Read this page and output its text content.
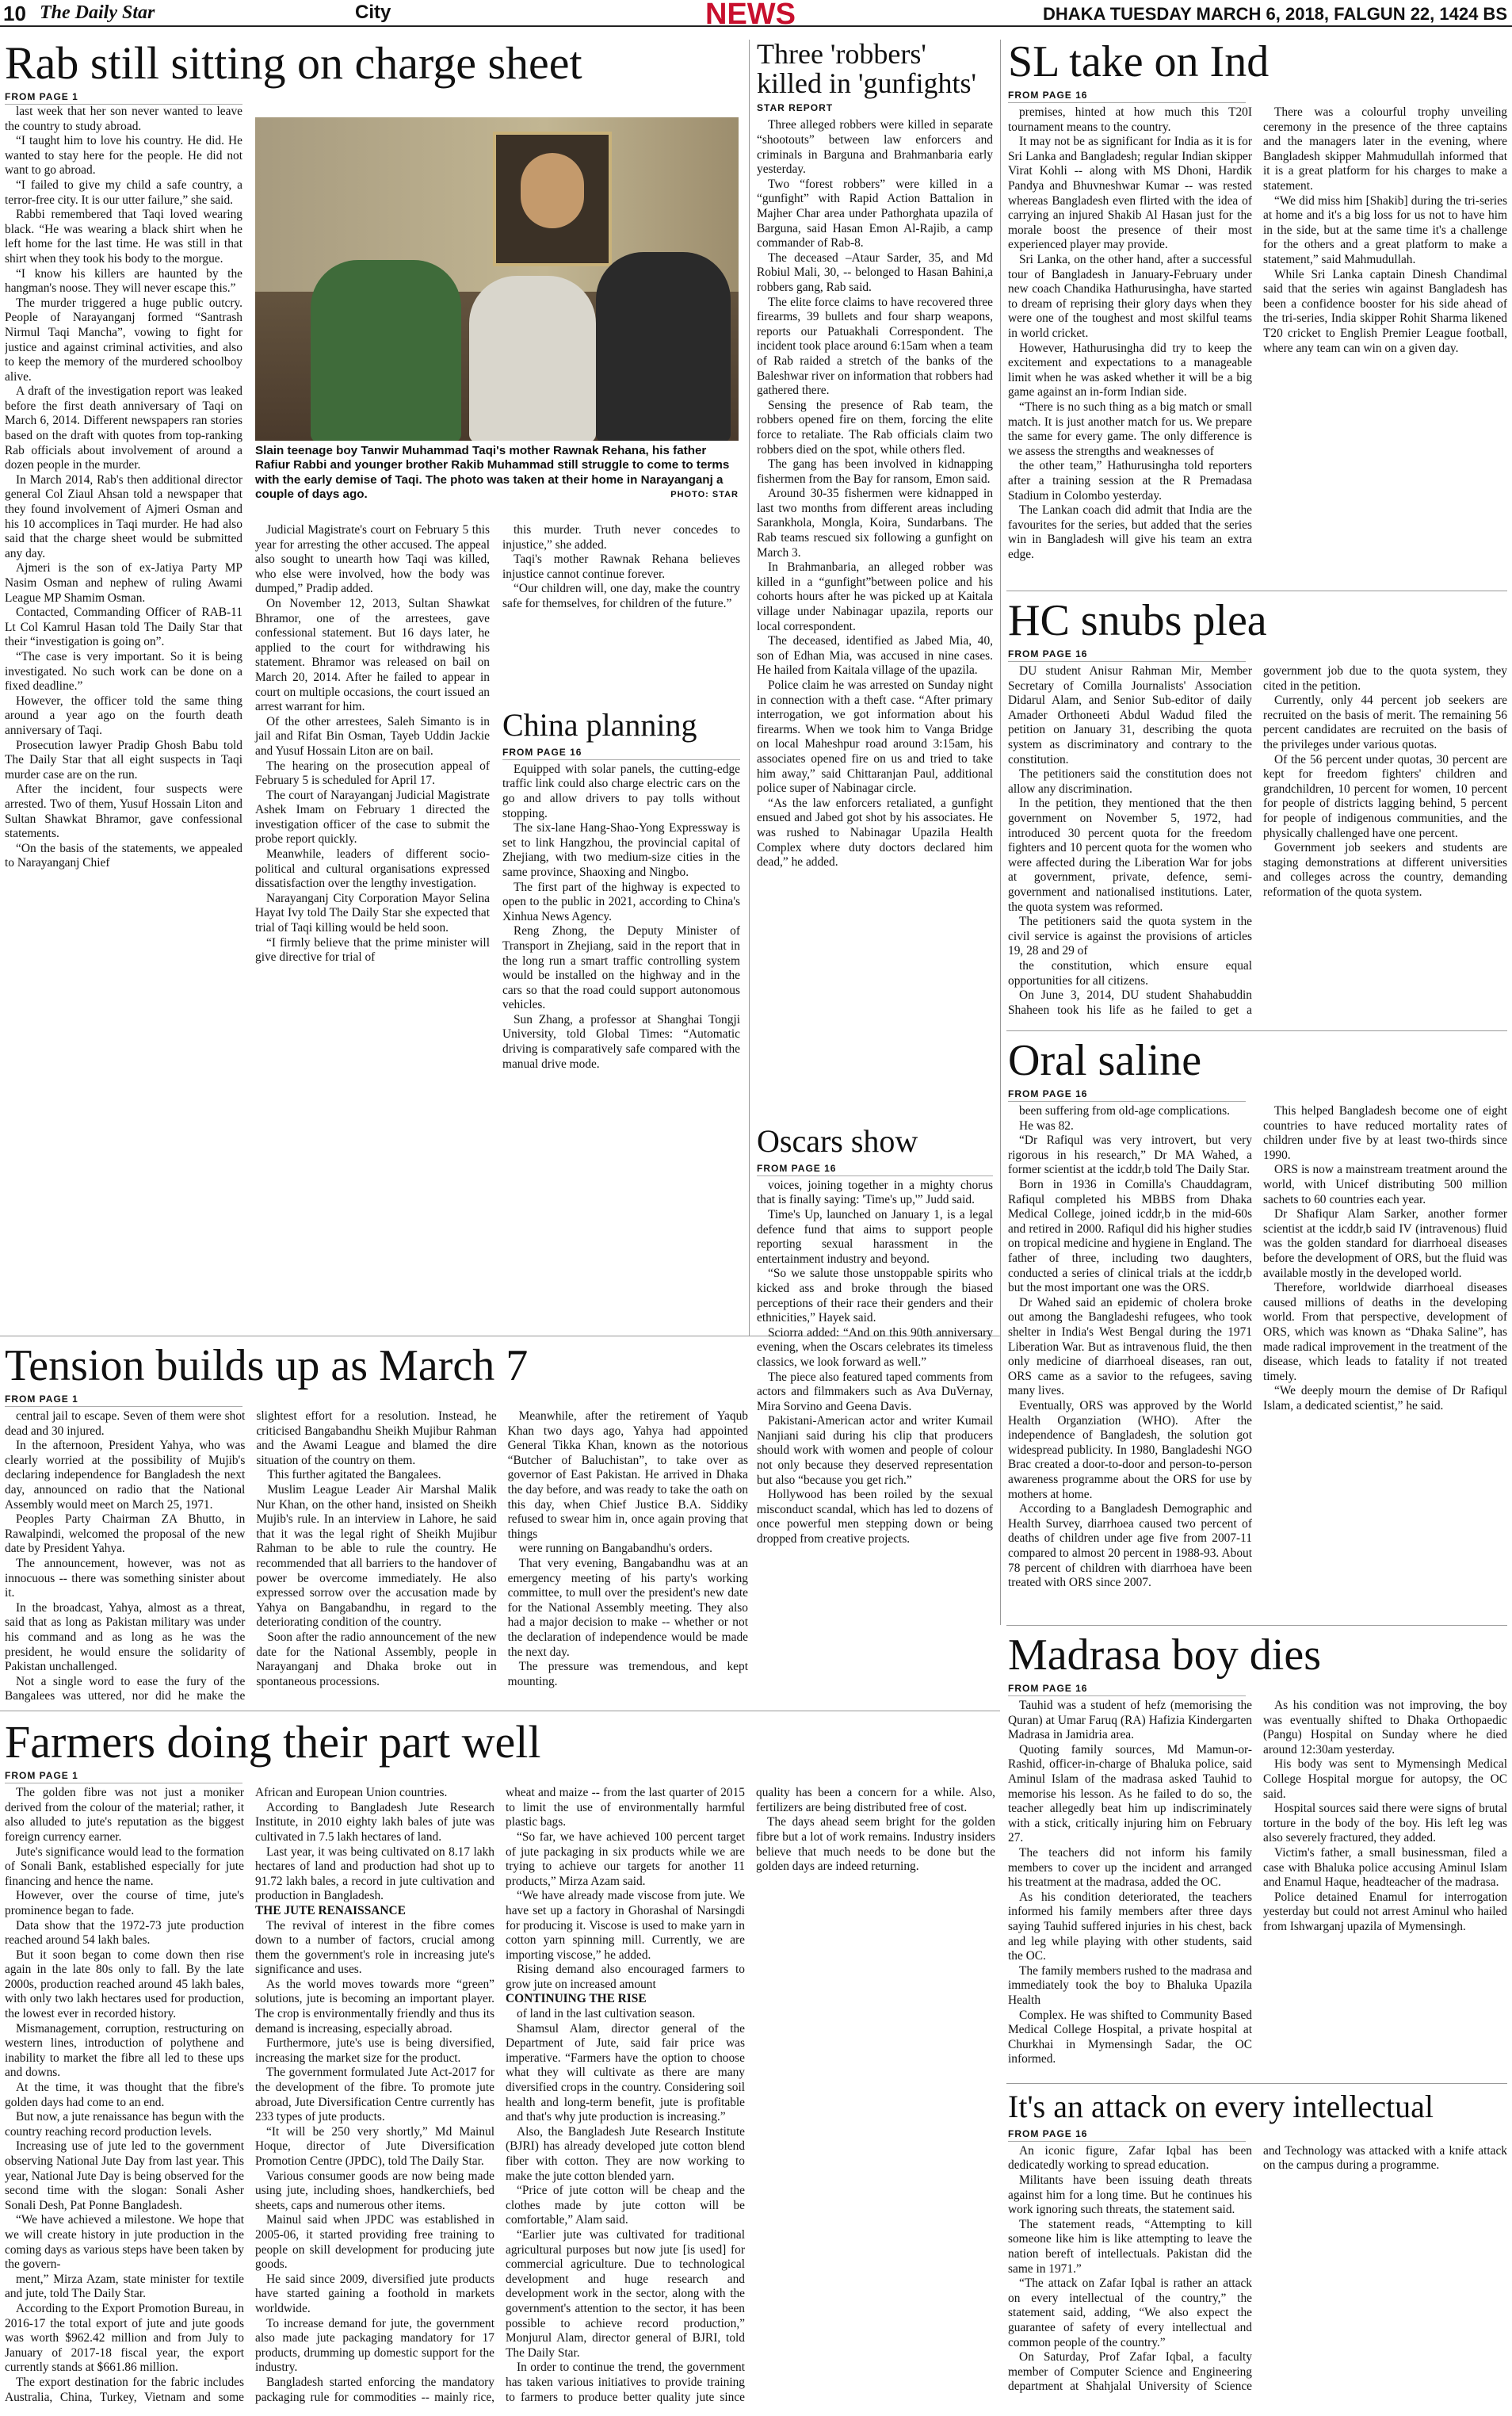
10 The Daily Star	City	NEWS	DHAKA TUESDAY MARCH 6, 2018, FALGUN 22, 1424 BS
Rab still sitting on charge sheet
FROM PAGE 1

last week that her son never wanted to leave the country to study abroad.

“I taught him to love his country. He did. He wanted to stay here for the people. He did not want to go abroad.

“I failed to give my child a safe country, a terror-free city. It is our utter failure,” she said.

Rabbi remembered that Taqi loved wearing black. “He was wearing a black shirt when he left home for the last time. He was still in that shirt when they took his body to the morgue.

“I know his killers are haunted by the hangman's noose. They will never escape this.”

The murder triggered a huge public outcry. People of Narayanganj formed “Santrash Nirmul Taqi Mancha”, vowing to fight for justice and against criminal activities, and also to keep the memory of the murdered schoolboy alive.

A draft of the investigation report was leaked before the first death anniversary of Taqi on March 6, 2014. Different newspapers ran stories based on the draft with quotes from top-ranking Rab officials about involvement of around a dozen people in the murder.

In March 2014, Rab's then additional director general Col Ziaul Ahsan told a newspaper that they found involvement of Ajmeri Osman and his 10 accomplices in Taqi murder. He had also said that the charge sheet would be submitted any day.

Ajmeri is the son of ex-Jatiya Party MP Nasim Osman and nephew of ruling Awami League MP Shamim Osman.

Contacted, Commanding Officer of RAB-11 Lt Col Kamrul Hasan told The Daily Star that their “investigation is going on”.

“The case is very important. So it is being investigated. No such work can be done on a fixed deadline.”

However, the officer told the same thing around a year ago on the fourth death anniversary of Taqi.

Prosecution lawyer Pradip Ghosh Babu told The Daily Star that all eight suspects in Taqi murder case are on the run.

After the incident, four suspects were arrested. Two of them, Yusuf Hossain Liton and Sultan Shawkat Bhramor, gave confessional statements.

“On the basis of the statements, we appealed to Narayanganj Chief

Judicial Magistrate's court on February 5 this year for arresting the other accused. The appeal also sought to unearth how Taqi was killed, who else were involved, how the body was dumped,” Pradip added.

On November 12, 2013, Sultan Shawkat Bhramor, one of the arrestees, gave confessional statement. But 16 days later, he applied to the court for withdrawing his statement. Bhramor was released on bail on March 20, 2014. After he failed to appear in court on multiple occasions, the court issued an arrest warrant for him.

Of the other arrestees, Saleh Simanto is in jail and Rifat Bin Osman, Tayeb Uddin Jackie and Yusuf Hossain Liton are on bail.

The hearing on the prosecution appeal of February 5 is scheduled for April 17.

The court of Narayanganj Judicial Magistrate Ashek Imam on February 1 directed the investigation officer of the case to submit the probe report quickly.

Meanwhile, leaders of different socio-political and cultural organisations expressed dissatisfaction over the lengthy investigation.

Narayanganj City Corporation Mayor Selina Hayat Ivy told The Daily Star she expected that trial of Taqi killing would be held soon.

“I firmly believe that the prime minister will give directive for trial of

this murder. Truth never concedes to injustice,” she added.

Taqi's mother Rawnak Rehana believes injustice cannot continue forever.

“Our children will, one day, make the country safe for themselves, for children of the future.”

Slain teenage boy Tanwir Muhammad Taqi's mother Rawnak Rehana, his father Rafiur Rabbi and younger brother Rakib Muhammad still struggle to come to terms with the early demise of Taqi. The photo was taken at their home in Narayanganj a couple of days ago.	PHOTO: STAR
China planning
FROM PAGE 16

Equipped with solar panels, the cutting-edge traffic link could also charge electric cars on the go and allow drivers to pay tolls without stopping.

The six-lane Hang-Shao-Yong Expressway is set to link Hangzhou, the provincial capital of Zhejiang, with two medium-size cities in the same province, Shaoxing and Ningbo.

The first part of the highway is expected to open to the public in 2021, according to China's Xinhua News Agency.

Reng Zhong, the Deputy Minister of Transport in Zhejiang, said in the report that in the long run a smart traffic controlling system would be installed on the highway and in the cars so that the road could support autonomous vehicles.

Sun Zhang, a professor at Shanghai Tongji University, told Global Times: “Automatic driving is comparatively safe compared with the manual drive mode.

Three 'robbers' killed in 'gunfights'
STAR REPORT

Three alleged robbers were killed in separate “shootouts” between law enforcers and criminals in Barguna and Brahmanbaria early yesterday.

Two “forest robbers” were killed in a “gunfight” with Rapid Action Battalion in Majher Char area under Pathorghata upazila of Barguna, said Hasan Emon Al-Rajib, a camp commander of Rab-8.

The deceased –Ataur Sarder, 35, and Md Robiul Mali, 30, -- belonged to Hasan Bahini,a robbers gang, Rab said.

The elite force claims to have recovered three firearms, 39 bullets and four sharp weapons, reports our Patuakhali Correspondent. The incident took place around 6:15am when a team of Rab raided a stretch of the banks of the Baleshwar river on information that robbers had gathered there.

Sensing the presence of Rab team, the robbers opened fire on them, forcing the elite force to retaliate. The Rab officials claim two robbers died on the spot, while others fled.

The gang has been involved in kidnapping fishermen from the Bay for ransom, Emon said.

Around 30-35 fishermen were kidnapped in last two months from different areas including Sarankhola, Mongla, Koira, Sundarbans. The Rab teams rescued six following a gunfight on March 3.

In Brahmanbaria, an alleged robber was killed in a “gunfight”between police and his cohorts hours after he was picked up at Kaitala village under Nabinagar upazila, reports our local correspondent.

The deceased, identified as Jabed Mia, 40, son of Edhan Mia, was accused in nine cases. He hailed from Kaitala village of the upazila.

Police claim he was arrested on Sunday night in connection with a theft case. “After primary interrogation, we got information about his firearms. When we took him to Vanga Bridge on local Maheshpur road around 3:15am, his associates opened fire on us and tried to take him away,” said Chittaranjan Paul, additional police super of Nabinagar circle.

“As the law enforcers retaliated, a gunfight ensued and Jabed got shot by his associates. He was rushed to Nabinagar Upazila Health Complex where duty doctors declared him dead,” he added.

Oscars show
FROM PAGE 16

voices, joining together in a mighty chorus that is finally saying: 'Time's up,'” Judd said.

Time's Up, launched on January 1, is a legal defence fund that aims to support people reporting sexual harassment in the entertainment industry and beyond.

“So we salute those unstoppable spirits who kicked ass and broke through the biased perceptions of their race their genders and their ethnicities,” Hayek said.

Sciorra added: “And on this 90th anniversary evening, when the Oscars celebrates its timeless classics, we look forward as well.”

The piece also featured taped comments from actors and filmmakers such as Ava DuVernay, Mira Sorvino and Geena Davis.

Pakistani-American actor and writer Kumail Nanjiani said during his clip that producers should work with women and people of colour not only because they deserved representation but also “because you get rich.”

Hollywood has been roiled by the sexual misconduct scandal, which has led to dozens of once powerful men stepping down or being dropped from creative projects.

SL take on Ind
FROM PAGE 16

premises, hinted at how much this T20I tournament means to the country.

It may not be as significant for India as it is for Sri Lanka and Bangladesh; regular Indian skipper Virat Kohli -- along with MS Dhoni, Hardik Pandya and Bhuvneshwar Kumar -- was rested whereas Bangladesh even flirted with the idea of carrying an injured Shakib Al Hasan just for the morale boost the presence of their most experienced player may provide.

Sri Lanka, on the other hand, after a successful tour of Bangladesh in January-February under new coach Chandika Hathurusingha, have started to dream of reprising their glory days when they were one of the toughest and most skilful teams in world cricket.

However, Hathurusingha did try to keep the excitement and expectations to a manageable limit when he was asked whether it will be a big game against an in-form Indian side.

“There is no such thing as a big match or small match. It is just another match for us. We prepare the same for every game. The only difference is we assess the strengths and weaknesses of

the other team,” Hathurusingha told reporters after a training session at the R Premadasa Stadium in Colombo yesterday.

The Lankan coach did admit that India are the favourites for the series, but added that the series win in Bangladesh will give his team an extra edge.

There was a colourful trophy unveiling ceremony in the presence of the three captains and the managers later in the evening, where Bangladesh skipper Mahmudullah informed that it is a great platform for his charges to make a statement.

“We did miss him [Shakib] during the tri-series at home and it's a big loss for us not to have him in the side, but at the same time it's a challenge for the others and a great platform to make a statement,” said Mahmudullah.

While Sri Lanka captain Dinesh Chandimal said that the series win against Bangladesh has been a confidence booster for his side ahead of the tri-series, India skipper Rohit Sharma likened T20 cricket to English Premier League football, where any team can win on a given day.

HC snubs plea
FROM PAGE 16

DU student Anisur Rahman Mir, Member Secretary of Comilla Journalists' Association Didarul Alam, and Senior Sub-editor of daily Amader Orthoneeti Abdul Wadud filed the petition on January 31, describing the quota system as discriminatory and contrary to the constitution.

The petitioners said the constitution does not allow any discrimination.

In the petition, they mentioned that the then government on November 5, 1972, had introduced 30 percent quota for the freedom fighters and 10 percent quota for the women who were affected during the Liberation War for jobs at government, private, defence, semi-government and nationalised institutions. Later, the quota system was reformed.

The petitioners said the quota system in the civil service is against the provisions of articles 19, 28 and 29 of

the constitution, which ensure equal opportunities for all citizens.

On June 3, 2014, DU student Shahabuddin Shaheen took his life as he failed to get a government job due to the quota system, they cited in the petition.

Currently, only 44 percent job seekers are recruited on the basis of merit. The remaining 56 percent candidates are recruited on the basis of the privileges under various quotas.

Of the 56 percent under quotas, 30 percent are kept for freedom fighters' children and grandchildren, 10 percent for women, 10 percent for people of districts lagging behind, 5 percent for people of indigenous communities, and the physically challenged have one percent.

Government job seekers and students are staging demonstrations at different universities and colleges across the country, demanding reformation of the quota system.

Oral saline
FROM PAGE 16

been suffering from old-age complications.

He was 82.

“Dr Rafiqul was very introvert, but very rigorous in his research,” Dr MA Wahed, a former scientist at the icddr,b told The Daily Star.

Born in 1936 in Comilla's Chauddagram, Rafiqul completed his MBBS from Dhaka Medical College, joined icddr,b in the mid-60s and retired in 2000. Rafiqul did his higher studies on tropical medicine and hygiene in England. The father of three, including two daughters, conducted a series of clinical trials at the icddr,b but the most important one was the ORS.

Dr Wahed said an epidemic of cholera broke out among the Bangladeshi refugees, who took shelter in India's West Bengal during the 1971 Liberation War. But as intravenous fluid, the then only medicine of diarrhoeal diseases, ran out, ORS came as a savior to the refugees, saving many lives.

Eventually, ORS was approved by the World Health Organziation (WHO). After the independence of Bangladesh, the solution got widespread publicity. In 1980, Bangladeshi NGO Brac created a door-to-door and person-to-person awareness programme about the ORS for use by mothers at home.

According to a Bangladesh Demographic and Health Survey, diarrhoea caused two percent of deaths of children under age five from 2007-11 compared to almost 20 percent in 1988-93. About 78 percent of children with diarrhoea have been treated with ORS since 2007.

This helped Bangladesh become one of eight countries to have reduced mortality rates of children under five by at least two-thirds since 1990.

ORS is now a mainstream treatment around the world, with Unicef distributing 500 million sachets to 60 countries each year.

Dr Shafiqur Alam Sarker, another former scientist at the icddr,b said IV (intravenous) fluid was the golden standard for diarrhoeal diseases before the development of ORS, but the fluid was available mostly in the developed world.

Therefore, worldwide diarrhoeal diseases caused millions of deaths in the developing world. From that perspective, development of ORS, which was known as “Dhaka Saline”, has made radical improvement in the treatment of the disease, which leads to fatality if not treated timely.

“We deeply mourn the demise of Dr Rafiqul Islam, a dedicated scientist,” he said.

Tension builds up as March 7
FROM PAGE 1

central jail to escape. Seven of them were shot dead and 30 injured.

In the afternoon, President Yahya, who was clearly worried at the possibility of Mujib's declaring independence for Bangladesh the next day, announced on radio that the National Assembly would meet on March 25, 1971.

Peoples Party Chairman ZA Bhutto, in Rawalpindi, welcomed the proposal of the new date by President Yahya.

The announcement, however, was not as innocuous -- there was something sinister about it.

In the broadcast, Yahya, almost as a threat, said that as long as Pakistan military was under his command and as long as he was the president, he would ensure the solidarity of Pakistan unchallenged.

Not a single word to ease the fury of the Bangalees was uttered, nor did he make the slightest effort for a resolution. Instead, he criticised Bangabandhu Sheikh Mujibur Rahman and the Awami League and blamed the dire situation of the country on them.

This further agitated the Bangalees.

Muslim League Leader Air Marshal Malik Nur Khan, on the other hand, insisted on Sheikh Mujib's rule. In an interview in Lahore, he said that it was the legal right of Sheikh Mujibur Rahman to be able to rule the country. He recommended that all barriers to the handover of power be overcome immediately. He also expressed sorrow over the accusation made by Yahya on Bangabandhu, in regard to the deteriorating condition of the country.

Soon after the radio announcement of the new date for the National Assembly, people in Narayanganj and Dhaka broke out in spontaneous processions.

Meanwhile, after the retirement of Yaqub Khan two days ago, Yahya had appointed General Tikka Khan, known as the notorious “Butcher of Baluchistan”, to take over as governor of East Pakistan. He arrived in Dhaka the day before, and was ready to take the oath on this day, when Chief Justice B.A. Siddiky refused to swear him in, once again proving that things

were running on Bangabandhu's orders.

That very evening, Bangabandhu was at an emergency meeting of his party's working committee, to mull over the president's new date for the National Assembly meeting. They also had a major decision to make -- whether or not the declaration of independence would be made the next day.

The pressure was tremendous, and kept mounting.

Madrasa boy dies
FROM PAGE 16

Tauhid was a student of hefz (memorising the Quran) at Umar Faruq (RA) Hafizia Kindergarten Madrasa in Jamidria area.

Quoting family sources, Md Mamun-or-Rashid, officer-in-charge of Bhaluka police, said Aminul Islam of the madrasa asked Tauhid to memorise his lesson. As he failed to do so, the teacher allegedly beat him up indiscriminately with a stick, critically injuring him on February 27.

The teachers did not inform his family members to cover up the incident and arranged his treatment at the madrasa, added the OC.

As his condition deteriorated, the teachers informed his family members after three days saying Tauhid suffered injuries in his chest, back and leg while playing with other students, said the OC.

The family members rushed to the madrasa and immediately took the boy to Bhaluka Upazila Health

Complex. He was shifted to Community Based Medical College Hospital, a private hospital at Churkhai in Mymensingh Sadar, the OC informed.

As his condition was not improving, the boy was eventually shifted to Dhaka Orthopaedic (Pangu) Hospital on Sunday where he died around 12:30am yesterday.

His body was sent to Mymensingh Medical College Hospital morgue for autopsy, the OC said.

Hospital sources said there were signs of brutal torture in the body of the boy. His left leg was also severely fractured, they added.

Victim's father, a small businessman, filed a case with Bhaluka police accusing Aminul Islam and Enamul Haque, headteacher of the madrasa.

Police detained Enamul for interrogation yesterday but could not arrest Aminul who hailed from Ishwarganj upazila of Mymensingh.

Farmers doing their part well
FROM PAGE 1

The golden fibre was not just a moniker derived from the colour of the material; rather, it also alluded to jute's reputation as the biggest foreign currency earner.

Jute's significance would lead to the formation of Sonali Bank, established especially for jute financing and hence the name.

However, over the course of time, jute's prominence began to fade.

Data show that the 1972-73 jute production reached around 54 lakh bales.

But it soon began to come down then rise again in the late 80s only to fall. By the late 2000s, production reached around 45 lakh bales, with only two lakh hectares used for production, the lowest ever in recorded history.

Mismanagement, corruption, restructuring on western lines, introduction of polythene and inability to market the fibre all led to these ups and downs.

At the time, it was thought that the fibre's golden days had come to an end.

But now, a jute renaissance has begun with the country reaching record production levels.

Increasing use of jute led to the government observing National Jute Day from last year. This year, National Jute Day is being observed for the second time with the slogan: Sonali Asher Sonali Desh, Pat Ponne Bangladesh.

“We have achieved a milestone. We hope that we will create history in jute production in the coming days as various steps have been taken by the govern-

ment,” Mirza Azam, state minister for textile and jute, told The Daily Star.

According to the Export Promotion Bureau, in 2016-17 the total export of jute and jute goods was worth $962.42 million and from July to January of 2017-18 fiscal year, the export currently stands at $661.86 million.

The export destination for the fabric includes Australia, China, Turkey, Vietnam and some African and European Union countries.

According to Bangladesh Jute Research Institute, in 2010 eighty lakh bales of jute was cultivated in 7.5 lakh hectares of land.

Last year, it was being cultivated on 8.17 lakh hectares of land and production had shot up to 91.72 lakh bales, a record in jute cultivation and production in Bangladesh.

THE JUTE RENAISSANCE

The revival of interest in the fibre comes down to a number of factors, crucial among them the government's role in increasing jute's significance and uses.

As the world moves towards more “green” solutions, jute is becoming an important player. The crop is environmentally friendly and thus its demand is increasing, especially abroad.

Furthermore, jute's use is being diversified, increasing the market size for the product.

The government formulated Jute Act-2017 for the development of the fibre. To promote jute abroad, Jute Diversification Centre currently has 233 types of jute products.

“It will be 250 very shortly,” Md Mainul Hoque, director of Jute Diversification Promotion Centre (JPDC), told The Daily Star.

Various consumer goods are now being made using jute, including shoes, handkerchiefs, bed sheets, caps and numerous other items.

Mainul said when JPDC was established in 2005-06, it started providing free training to people on skill development for producing jute goods.

He said since 2009, diversified jute products have started gaining a foothold in markets worldwide.

To increase demand for jute, the government also made jute packaging mandatory for 17 products, drumming up domestic support for the industry.

Bangladesh started enforcing the mandatory packaging rule for commodities -- mainly rice, wheat and maize -- from the last quarter of 2015 to limit the use of environmentally harmful plastic bags.

“So far, we have achieved 100 percent target of jute packaging in six products while we are trying to achieve our targets for another 11 products,” Mirza Azam said.

“We have already made viscose from jute. We have set up a factory in Ghorashal of Narsingdi for producing it. Viscose is used to make yarn in cotton yarn spinning mill. Currently, we are importing viscose,” he added.

Rising demand also encouraged farmers to grow jute on increased amount

CONTINUING THE RISE

of land in the last cultivation season.

Shamsul Alam, director general of the Department of Jute, said fair price was imperative. “Farmers have the option to choose what they will cultivate as there are many diversified crops in the country. Considering soil health and long-term benefit, jute is profitable and that's why jute production is increasing.”

Also, the Bangladesh Jute Research Institute (BJRI) has already developed jute cotton blend fiber with cotton. They are now working to make the jute cotton blended yarn.

“Price of jute cotton will be cheap and the clothes made by jute cotton will be comfortable,” Alam said.

“Earlier jute was cultivated for traditional agricultural purposes but now jute [is used] for commercial agriculture. Due to technological development and huge research and development work in the sector, along with the government's attention to the sector, it has been possible to achieve record production,” Monjurul Alam, director general of BJRI, told The Daily Star.

In order to continue the trend, the government has taken various initiatives to provide training to farmers to produce better quality jute since quality has been a concern for a while. Also, fertilizers are being distributed free of cost.

The days ahead seem bright for the golden fibre but a lot of work remains. Industry insiders believe that much needs to be done but the golden days are indeed returning.

It's an attack on every intellectual
FROM PAGE 16

An iconic figure, Zafar Iqbal has been dedicatedly working to spread education.

Militants have been issuing death threats against him for a long time. But he continues his work ignoring such threats, the statement said.

The statement reads, “Attempting to kill someone like him is like attempting to leave the nation bereft of intellectuals. Pakistan did the same in 1971.”

“The attack on Zafar Iqbal is rather an attack on every intellectual of the country,” the statement said, adding, “We also expect the guarantee of safety of every intellectual and common people of the country.”

On Saturday, Prof Zafar Iqbal, a faculty member of Computer Science and Engineering department at Shahjalal University of Science and Technology was attacked with a knife attack on the campus during a programme.
